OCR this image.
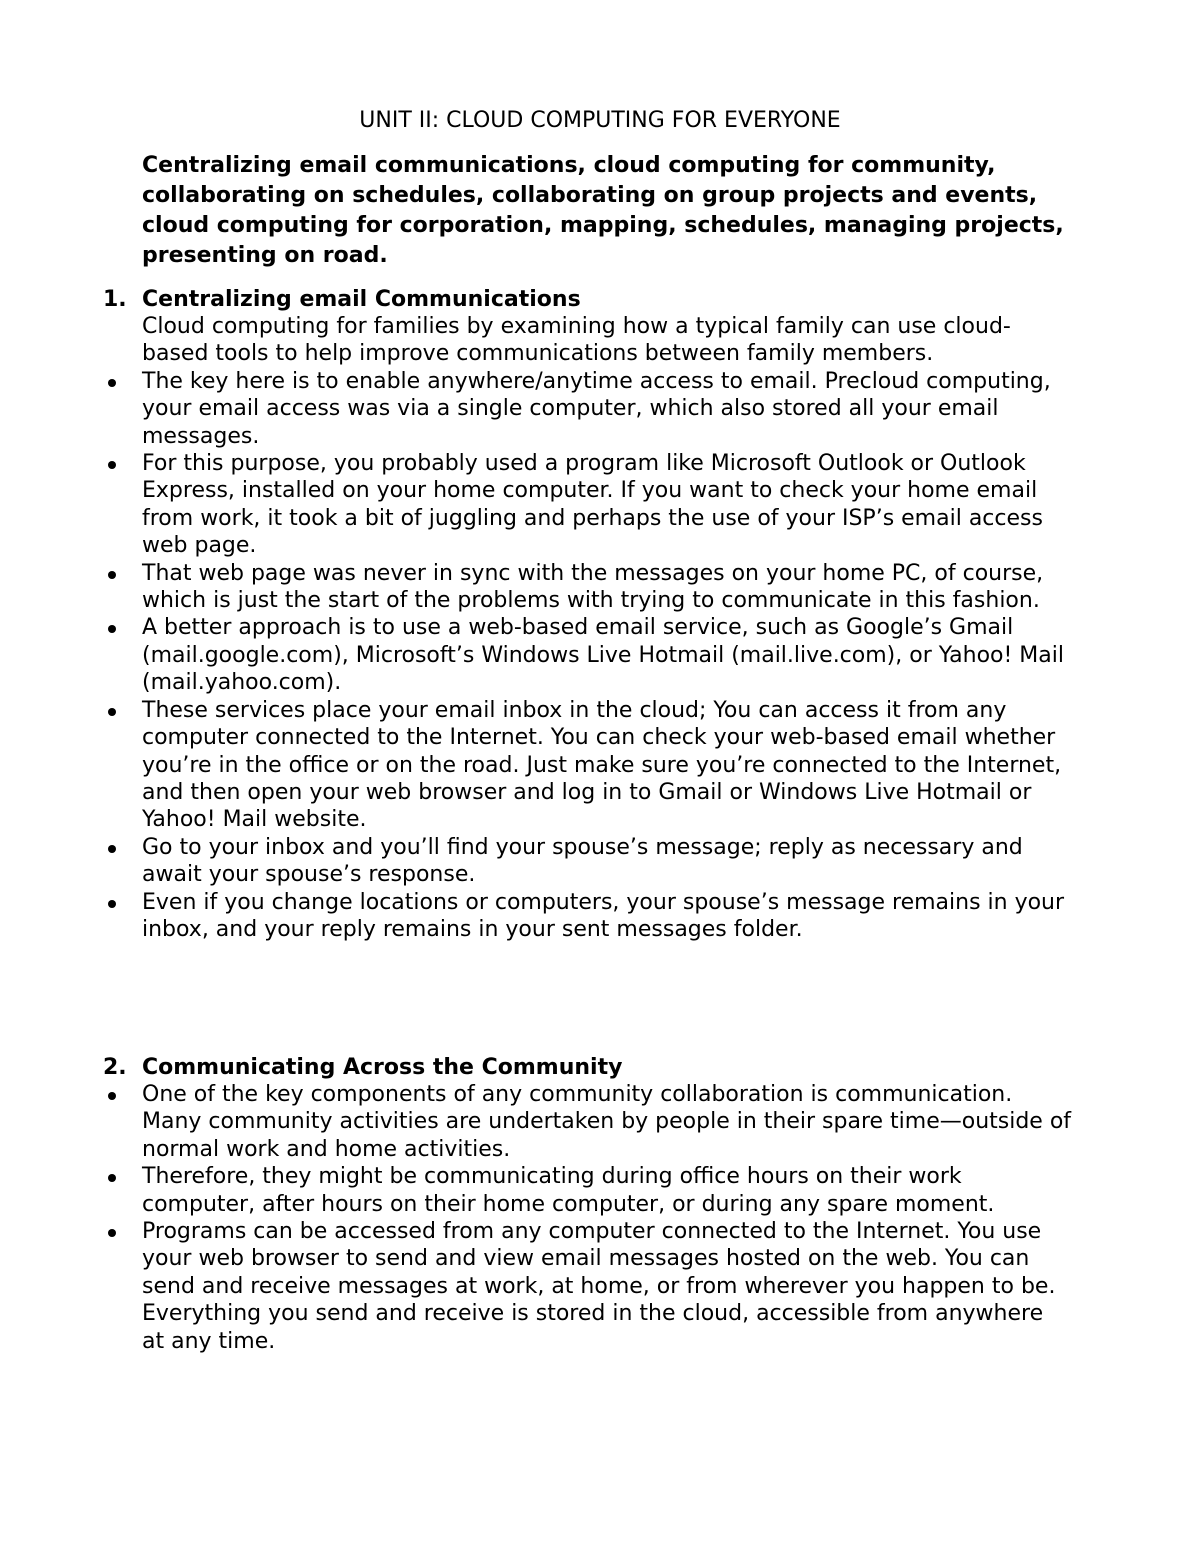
UNIT II: CLOUD COMPUTING FOR EVERYONE

Centralizing email communications, cloud computing for community, collaborating on schedules, collaborating on group projects and events, cloud computing for corporation, mapping, schedules, managing projects, presenting on road.

1. Centralizing email Communications

Cloud computing for families by examining how a typical family can use cloud-based tools to help improve communications between family members.

The key here is to enable anywhere/anytime access to email. Precloud computing, your email access was via a single computer, which also stored all your email messages.
For this purpose, you probably used a program like Microsoft Outlook or Outlook Express, installed on your home computer. If you want to check your home email from work, it took a bit of juggling and perhaps the use of your ISP’s email access web page.
That web page was never in sync with the messages on your home PC, of course, which is just the start of the problems with trying to communicate in this fashion.
A better approach is to use a web-based email service, such as Google’s Gmail (mail.google.com), Microsoft’s Windows Live Hotmail (mail.live.com), or Yahoo! Mail (mail.yahoo.com).
These services place your email inbox in the cloud; You can access it from any computer connected to the Internet. You can check your web-based email whether you’re in the office or on the road. Just make sure you’re connected to the Internet, and then open your web browser and log in to Gmail or Windows Live Hotmail or Yahoo! Mail website.
Go to your inbox and you’ll find your spouse’s message; reply as necessary and await your spouse’s response.
Even if you change locations or computers, your spouse’s message remains in your inbox, and your reply remains in your sent messages folder.
2. Communicating Across the Community
One of the key components of any community collaboration is communication. Many community activities are undertaken by people in their spare time—outside of normal work and home activities.
Therefore, they might be communicating during office hours on their work computer, after hours on their home computer, or during any spare moment.
Programs can be accessed from any computer connected to the Internet. You use your web browser to send and view email messages hosted on the web. You can send and receive messages at work, at home, or from wherever you happen to be. Everything you send and receive is stored in the cloud, accessible from anywhere at any time.
